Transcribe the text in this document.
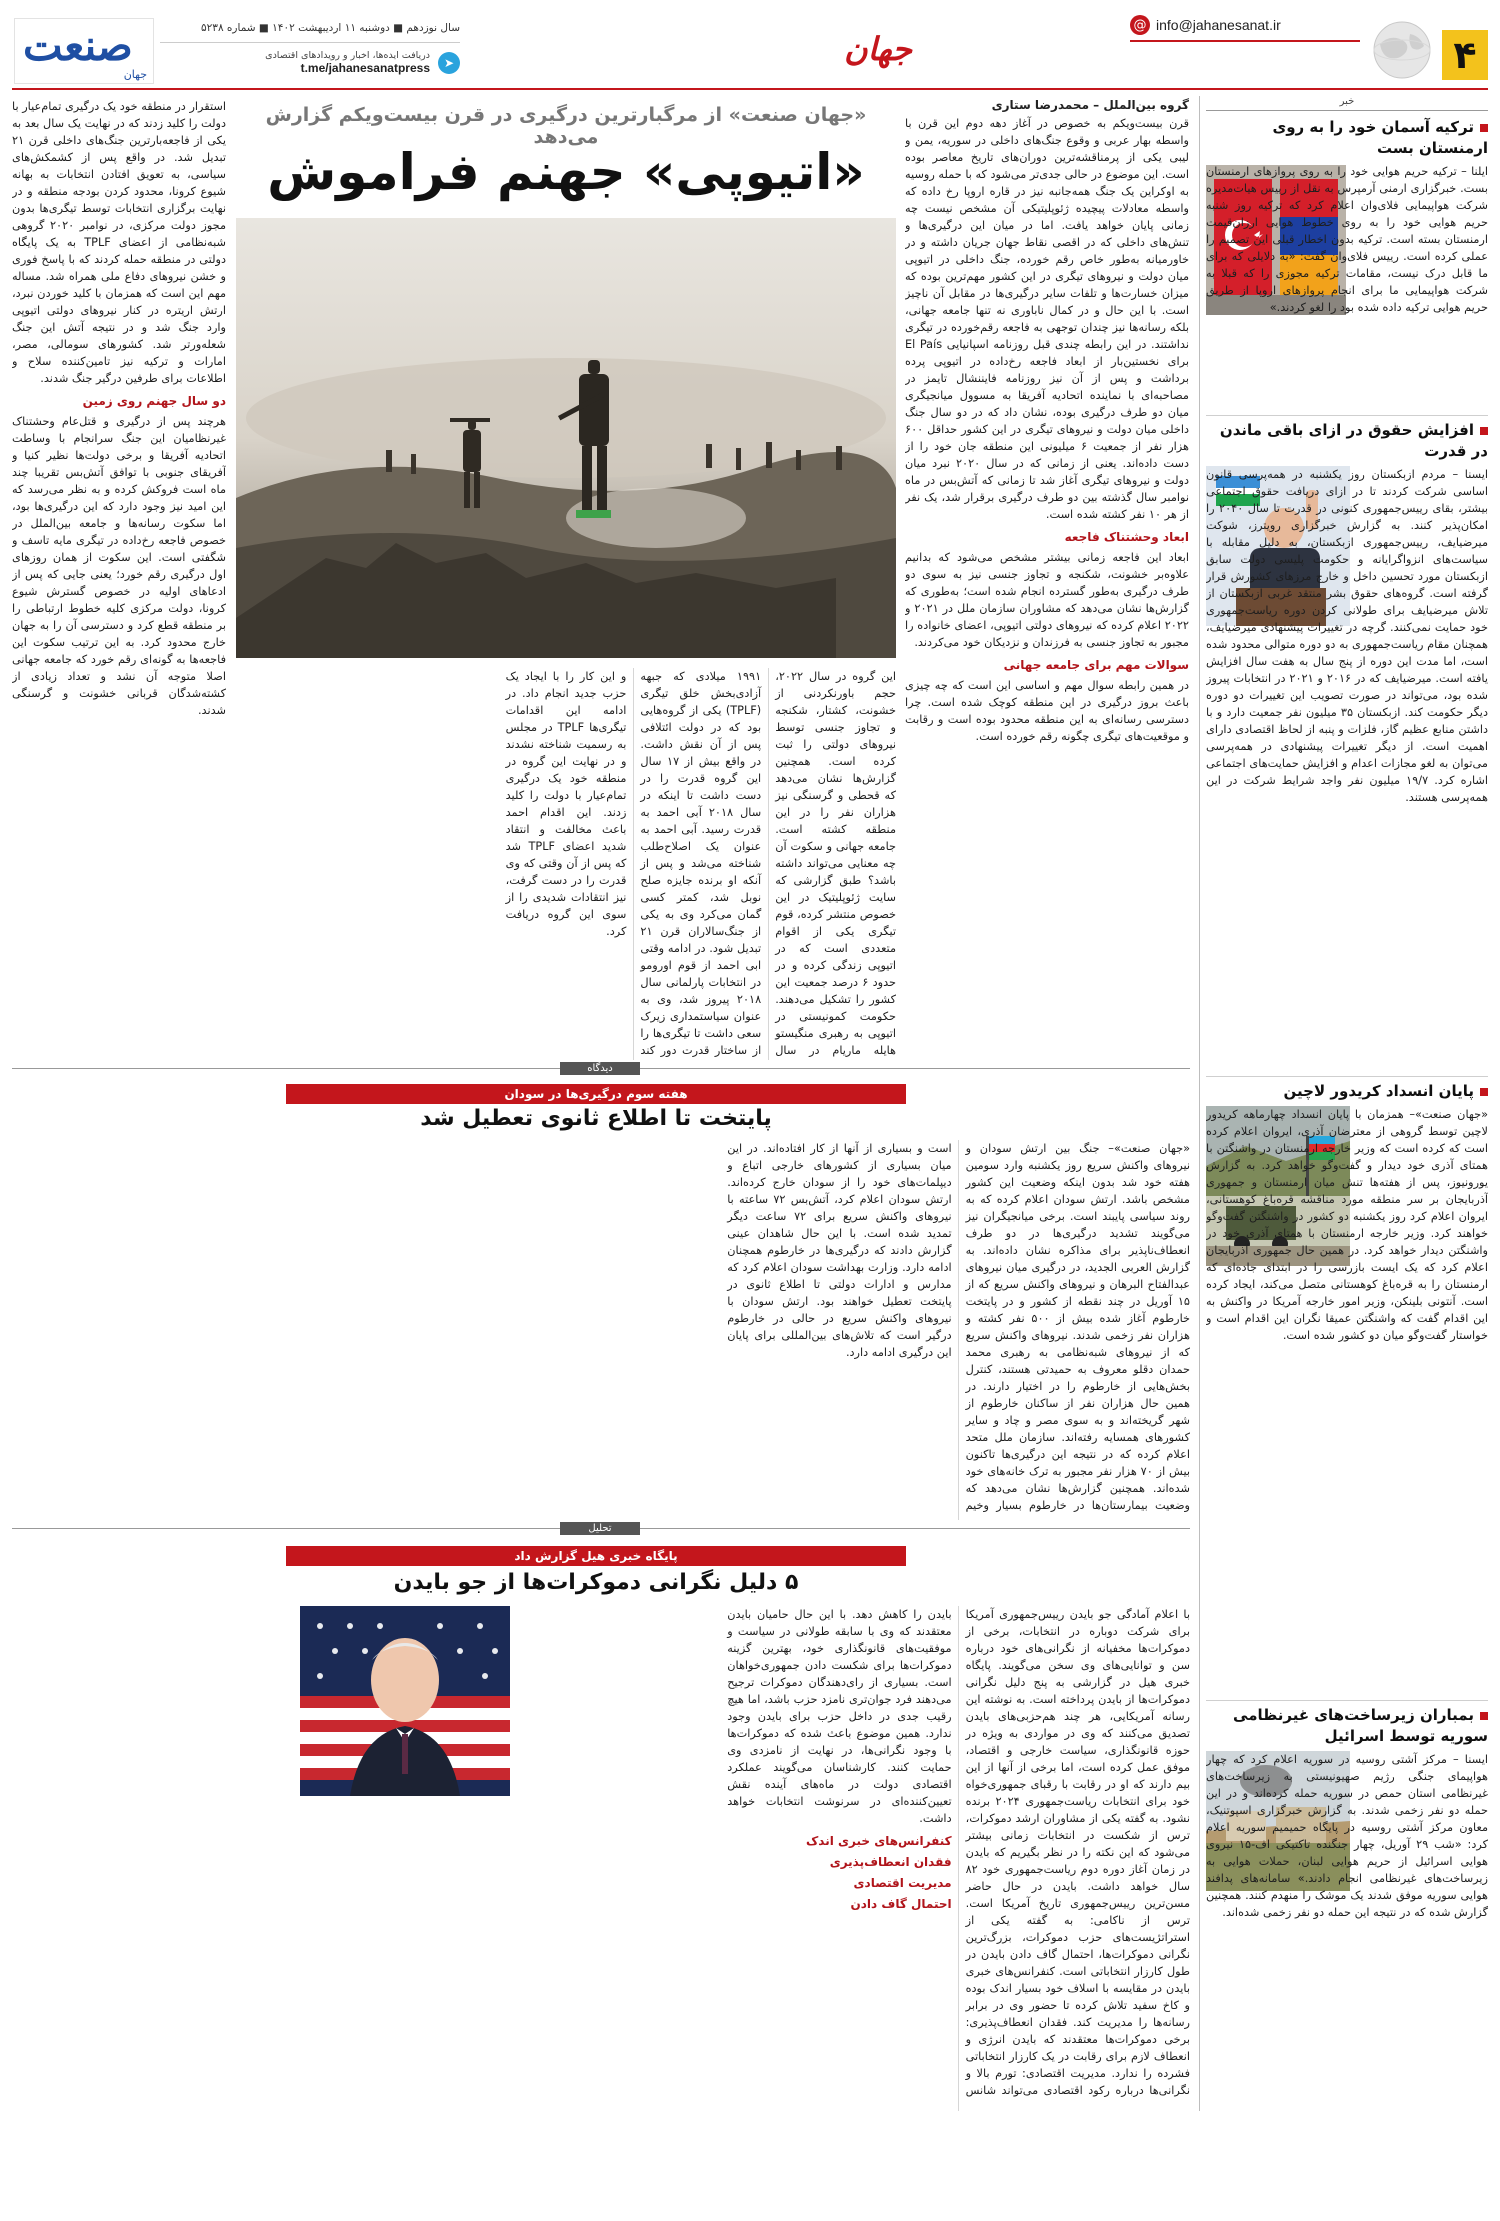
۴
info@jahanesanat.ir
@
جهان
سال نوزدهم ■ دوشنبه ۱۱ اردیبهشت ۱۴۰۲ ■ شماره ۵۲۳۸
➤
دریافت ایده‌ها، اخبار و رویدادهای اقتصادی
t.me/jahanesanatpress
صنعت
جهان
خبر
ترکیه آسمان خود را به روی ارمنستان بست
ایلنا – ترکیه حریم هوایی خود را به روی پروازهای ارمنستان بست. خبرگزاری ارمنی آرمپرس به نقل از رییس هیات‌مدیره شرکت هواپیمایی فلای‌وان اعلام کرد که ترکیه روز شنبه حریم هوایی خود را به روی خطوط هوایی ارزان‌قیمت ارمنستان بسته است. ترکیه بدون اخطار قبلی این تصمیم را عملی کرده است. رییس فلای‌وان گفت: «به دلایلی که برای ما قابل درک نیست، مقامات ترکیه مجوزی را که قبلا به شرکت هواپیمایی ما برای انجام پروازهای اروپا از طریق حریم هوایی ترکیه داده شده بود را لغو کردند.»
افزایش حقوق در ازای باقی ماندن در قدرت
ایسنا – مردم ازبکستان روز یکشنبه در همه‌پرسی قانون اساسی شرکت کردند تا در ازای دریافت حقوق اجتماعی بیشتر، بقای رییس‌جمهوری کنونی در قدرت تا سال ۲۰۴۰ را امکان‌پذیر کنند. به گزارش خبرگزاری رویترز، شوکت میرضیایف، رییس‌جمهوری ازبکستان، به دلیل مقابله با سیاست‌های انزواگرایانه و حکومت پلیسی دولت سابق ازبکستان مورد تحسین داخل و خارج مرزهای کشورش قرار گرفته است. گروه‌های حقوق بشر منتقد غربی ازبکستان از تلاش میرضیایف برای طولانی کردن دوره ریاست‌جمهوری خود حمایت نمی‌کنند. گرچه در تغییرات پیشنهادی میرضیایف، همچنان مقام ریاست‌جمهوری به دو دوره متوالی محدود شده است، اما مدت این دوره از پنج سال به هفت سال افزایش یافته است. میرضیایف که در ۲۰۱۶ و ۲۰۲۱ در انتخابات پیروز شده بود، می‌تواند در صورت تصویب این تغییرات دو دوره دیگر حکومت کند. ازبکستان ۳۵ میلیون نفر جمعیت دارد و با داشتن منابع عظیم گاز، فلزات و پنبه از لحاظ اقتصادی دارای اهمیت است. از دیگر تغییرات پیشنهادی در همه‌پرسی می‌توان به لغو مجازات اعدام و افزایش حمایت‌های اجتماعی اشاره کرد. ۱۹/۷ میلیون نفر واجد شرایط شرکت در این همه‌پرسی هستند.
پایان انسداد کریدور لاچین
«جهان صنعت»– همزمان با پایان انسداد چهارماهه کریدور لاچین توسط گروهی از معترضان آذری، ایروان اعلام کرده است که کرده است که وزیر خارجه ارمنستان در واشنگتن با همتای آذری خود دیدار و گفت‌وگو خواهد کرد. به گزارش یورونیوز، پس از هفته‌ها تنش میان ارمنستان و جمهوری آذربایجان بر سر منطقه مورد مناقشه قره‌باغ کوهستانی، ایروان اعلام کرد روز یکشنبه دو کشور در واشنگتن گفت‌وگو خواهند کرد. وزیر خارجه ارمنستان با همتای آذری خود در واشنگتن دیدار خواهد کرد. در همین حال جمهوری آذربایجان اعلام کرد که یک ایست بازرسی را در ابتدای جاده‌ای که ارمنستان را به قره‌باغ کوهستانی متصل می‌کند، ایجاد کرده است. آنتونی بلینکن، وزیر امور خارجه آمریکا در واکنش به این اقدام گفت که واشنگتن عمیقا نگران این اقدام است و خواستار گفت‌وگو میان دو کشور شده است.
بمباران زیرساخت‌های غیرنظامی سوریه توسط اسرائیل
ایسنا – مرکز آشتی روسیه در سوریه اعلام کرد که چهار هواپیمای جنگی رژیم صهیونیستی به زیرساخت‌های غیرنظامی استان حمص در سوریه حمله کرده‌اند و در این حمله دو نفر زخمی شدند. به گزارش خبرگزاری اسپوتنیک، معاون مرکز آشتی روسیه در پایگاه حمیمیم سوریه اعلام کرد: «شب ۲۹ آوریل، چهار جنگنده تاکتیکی اف-۱۵ نیروی هوایی اسرائیل از حریم هوایی لبنان، حملات هوایی به زیرساخت‌های غیرنظامی انجام دادند.» سامانه‌های پدافند هوایی سوریه موفق شدند یک موشک را منهدم کنند. همچنین گزارش شده که در نتیجه این حمله دو نفر زخمی شده‌اند.
گروه بین‌الملل – محمدرضا ستاری

قرن بیست‌ویکم به خصوص در آغاز دهه دوم این قرن با واسطه بهار عربی و وقوع جنگ‌های داخلی در سوریه، یمن و لیبی یکی از پرمناقشه‌ترین دوران‌های تاریخ معاصر بوده است. این موضوع در حالی جدی‌تر می‌شود که با حمله روسیه به اوکراین یک جنگ همه‌جانبه نیز در قاره اروپا رخ داده که واسطه معادلات پیچیده ژئوپلیتیکی آن مشخص نیست چه زمانی پایان خواهد یافت. اما در میان این درگیری‌ها و تنش‌های داخلی که در اقصی نقاط جهان جریان داشته و در خاورمیانه به‌طور خاص رقم خورده، جنگ داخلی در اتیوپی میان دولت و نیروهای تیگری در این کشور مهم‌ترین بوده که میزان خسارت‌ها و تلفات سایر درگیری‌ها در مقابل آن ناچیز است. با این حال و در کمال ناباوری نه تنها جامعه جهانی، بلکه رسانه‌ها نیز چندان توجهی به فاجعه رقم‌خورده در تیگری نداشتند. در این رابطه چندی قبل روزنامه اسپانیایی El País برای نخستین‌بار از ابعاد فاجعه رخ‌داده در اتیوپی پرده برداشت و پس از آن نیز روزنامه فایننشال تایمز در مصاحبه‌ای با نماینده اتحادیه آفریقا به مسوول میانجیگری میان دو طرف درگیری بوده، نشان داد که در دو سال جنگ داخلی میان دولت و نیروهای تیگری در این کشور حداقل ۶۰۰ هزار نفر از جمعیت ۶ میلیونی این منطقه جان خود را از دست داده‌اند. یعنی از زمانی که در سال ۲۰۲۰ نبرد میان دولت و نیروهای تیگری آغاز شد تا زمانی که آتش‌بس در ماه نوامبر سال گذشته بین دو طرف درگیری برقرار شد، یک نفر از هر ۱۰ نفر کشته شده است.

ابعاد وحشتناک فاجعه

ابعاد این فاجعه زمانی بیشتر مشخص می‌شود که بدانیم علاوه‌بر خشونت، شکنجه و تجاوز جنسی نیز به سوی دو طرف درگیری به‌طور گسترده انجام شده است؛ به‌طوری که گزارش‌ها نشان می‌دهد که مشاوران سازمان ملل در ۲۰۲۱ و ۲۰۲۲ اعلام کرده که نیروهای دولتی اتیوپی، اعضای خانواده را مجبور به تجاوز جنسی به فرزندان و نزدیکان خود می‌کردند.

سوالات مهم برای جامعه جهانی

در همین رابطه سوال مهم و اساسی این است که چه چیزی باعث بروز درگیری در این منطقه کوچک شده است. چرا دسترسی رسانه‌ای به این منطقه محدود بوده است و رقابت و موقعیت‌های تیگری چگونه رقم خورده است.

استقرار در منطقه خود یک درگیری تمام‌عیار با دولت را کلید زدند که در نهایت یک سال بعد به یکی از فاجعه‌بارترین جنگ‌های داخلی قرن ۲۱ تبدیل شد. در واقع پس از کشمکش‌های سیاسی، به تعویق افتادن انتخابات به بهانه شیوع کرونا، محدود کردن بودجه منطقه و در نهایت برگزاری انتخابات توسط تیگری‌ها بدون مجوز دولت مرکزی، در نوامبر ۲۰۲۰ گروهی شبه‌نظامی از اعضای TPLF به یک پایگاه دولتی در منطقه حمله کردند که با پاسخ فوری و خشن نیروهای دفاع ملی همراه شد. مساله مهم این است که همزمان با کلید خوردن نبرد، ارتش اریتره در کنار نیروهای دولتی اتیوپی وارد جنگ شد و در نتیجه آتش این جنگ شعله‌ورتر شد. کشورهای سومالی، مصر، امارات و ترکیه نیز تامین‌کننده سلاح و اطلاعات برای طرفین درگیر جنگ شدند.

دو سال جهنم روی زمین

هرچند پس از درگیری و قتل‌عام وحشتناک غیرنظامیان این جنگ سرانجام با وساطت اتحادیه آفریقا و برخی دولت‌ها نظیر کنیا و آفریقای جنوبی با توافق آتش‌بس تقریبا چند ماه است فروکش کرده و به نظر می‌رسد که این امید نیز وجود دارد که این درگیری‌ها بود، اما سکوت رسانه‌ها و جامعه بین‌الملل در خصوص فاجعه رخ‌داده در تیگری مایه تاسف و شگفتی است. این سکوت از همان روزهای اول درگیری رقم خورد؛ یعنی جایی که پس از ادعاهای اولیه در خصوص گسترش شیوع کرونا، دولت مرکزی کلیه خطوط ارتباطی را بر منطقه قطع کرد و دسترسی آن را به جهان خارج محدود کرد. به این ترتیب سکوت این فاجعه‌ها به گونه‌ای رقم خورد که جامعه جهانی اصلا متوجه آن نشد و تعداد زیادی از کشته‌شدگان قربانی خشونت و گرسنگی شدند.

«جهان صنعت» از مرگبارترین درگیری در قرن بیست‌ویکم گزارش می‌دهد
«اتیوپی» جهنم فراموش

این گروه در سال ۲۰۲۲، حجم باورنکردنی از خشونت، کشتار، شکنجه و تجاوز جنسی توسط نیروهای دولتی را ثبت کرده است. همچنین گزارش‌ها نشان می‌دهد که قحطی و گرسنگی نیز هزاران نفر را در این منطقه کشته است. جامعه جهانی و سکوت آن چه معنایی می‌تواند داشته باشد؟ طبق گزارشی که سایت ژئوپلیتیک در این خصوص منتشر کرده، قوم تیگری یکی از اقوام متعددی است که در اتیوپی زندگی کرده و در حدود ۶ درصد جمعیت این کشور را تشکیل می‌دهند. حکومت کمونیستی در اتیوپی به رهبری منگیستو هایله ماریام در سال ۱۹۹۱ میلادی که جبهه آزادی‌بخش خلق تیگری (TPLF) یکی از گروه‌هایی بود که در دولت ائتلافی پس از آن نقش داشت. در واقع بیش از ۱۷ سال این گروه قدرت را در دست داشت تا اینکه در سال ۲۰۱۸ آبی احمد به قدرت رسید. آبی احمد به عنوان یک اصلاح‌طلب شناخته می‌شد و پس از آنکه او برنده جایزه صلح نوبل شد، کمتر کسی گمان می‌کرد وی به یکی از جنگ‌سالاران قرن ۲۱ تبدیل شود. در ادامه وقتی ابی احمد از قوم اورومو در انتخابات پارلمانی سال ۲۰۱۸ پیروز شد، وی به عنوان سیاستمداری زیرک سعی داشت تا تیگری‌ها را از ساختار قدرت دور کند و این کار را با ایجاد یک حزب جدید انجام داد. در ادامه این اقدامات تیگری‌ها TPLF در مجلس به رسمیت شناخته نشدند و در نهایت این گروه در منطقه خود یک درگیری تمام‌عیار با دولت را کلید زدند. این اقدام احمد باعث مخالفت و انتقاد شدید اعضای TPLF شد که پس از آن وقتی که وی قدرت را در دست گرفت، نیز انتقادات شدیدی را از سوی این گروه دریافت کرد.

دیدگاه
هفته سوم درگیری‌ها در سودان
پایتخت تا اطلاع ثانوی تعطیل شد

«جهان صنعت»– جنگ بین ارتش سودان و نیروهای واکنش سریع روز یکشنبه وارد سومین هفته خود شد بدون اینکه وضعیت این کشور مشخص باشد. ارتش سودان اعلام کرده که به روند سیاسی پایبند است. برخی میانجیگران نیز می‌گویند تشدید درگیری‌ها در دو طرف انعطاف‌ناپذیر برای مذاکره نشان داده‌اند. به گزارش العربی الجدید، در درگیری میان نیروهای عبدالفتاح البرهان و نیروهای واکنش سریع که از ۱۵ آوریل در چند نقطه از کشور و در پایتخت خارطوم آغاز شده بیش از ۵۰۰ نفر کشته و هزاران نفر زخمی شدند. نیروهای واکنش سریع که از نیروهای شبه‌نظامی به رهبری محمد حمدان دقلو معروف به حمیدتی هستند، کنترل بخش‌هایی از خارطوم را در اختیار دارند. در همین حال هزاران نفر از ساکنان خارطوم از شهر گریخته‌اند و به سوی مصر و چاد و سایر کشورهای همسایه رفته‌اند. سازمان ملل متحد اعلام کرده که در نتیجه این درگیری‌ها تاکنون بیش از ۷۰ هزار نفر مجبور به ترک خانه‌های خود شده‌اند. همچنین گزارش‌ها نشان می‌دهد که وضعیت بیمارستان‌ها در خارطوم بسیار وخیم است و بسیاری از آنها از کار افتاده‌اند. در این میان بسیاری از کشورهای خارجی اتباع و دیپلمات‌های خود را از سودان خارج کرده‌اند. ارتش سودان اعلام کرد، آتش‌بس ۷۲ ساعته با نیروهای واکنش سریع برای ۷۲ ساعت دیگر تمدید شده است. با این حال شاهدان عینی گزارش دادند که درگیری‌ها در خارطوم همچنان ادامه دارد. وزارت بهداشت سودان اعلام کرد که مدارس و ادارات دولتی تا اطلاع ثانوی در پایتخت تعطیل خواهند بود. ارتش سودان با نیروهای واکنش سریع در حالی در خارطوم درگیر است که تلاش‌های بین‌المللی برای پایان این درگیری ادامه دارد.

تحلیل
پایگاه خبری هیل گزارش داد
۵ دلیل نگرانی دموکرات‌ها از جو بایدن

با اعلام آمادگی جو بایدن رییس‌جمهوری آمریکا برای شرکت دوباره در انتخابات، برخی از دموکرات‌ها مخفیانه از نگرانی‌های خود درباره سن و توانایی‌های وی سخن می‌گویند. پایگاه خبری هیل در گزارشی به پنج دلیل نگرانی دموکرات‌ها از بایدن پرداخته است. به نوشته این رسانه آمریکایی، هر چند هم‌حزبی‌های بایدن تصدیق می‌کنند که وی در مواردی به ویژه در حوزه قانونگذاری، سیاست خارجی و اقتصاد، موفق عمل کرده است، اما برخی از آنها از این بیم دارند که او در رقابت با رقبای جمهوری‌خواه خود برای انتخابات ریاست‌جمهوری ۲۰۲۴ برنده نشود. به گفته یکی از مشاوران ارشد دموکرات، ترس از شکست در انتخابات زمانی بیشتر می‌شود که این نکته را در نظر بگیریم که بایدن در زمان آغاز دوره دوم ریاست‌جمهوری خود ۸۲ سال خواهد داشت. بایدن در حال حاضر مسن‌ترین رییس‌جمهوری تاریخ آمریکا است. ترس از ناکامی: به گفته یکی از استراتژیست‌های حزب دموکرات، بزرگ‌ترین نگرانی دموکرات‌ها، احتمال گاف دادن بایدن در طول کارزار انتخاباتی است. کنفرانس‌های خبری بایدن در مقایسه با اسلاف خود بسیار اندک بوده و کاخ سفید تلاش کرده تا حضور وی در برابر رسانه‌ها را مدیریت کند. فقدان انعطاف‌پذیری: برخی دموکرات‌ها معتقدند که بایدن انرژی و انعطاف لازم برای رقابت در یک کارزار انتخاباتی فشرده را ندارد. مدیریت اقتصادی: تورم بالا و نگرانی‌ها درباره رکود اقتصادی می‌تواند شانس بایدن را کاهش دهد. با این حال حامیان بایدن معتقدند که وی با سابقه طولانی در سیاست و موفقیت‌های قانونگذاری خود، بهترین گزینه دموکرات‌ها برای شکست دادن جمهوری‌خواهان است. بسیاری از رای‌دهندگان دموکرات ترجیح می‌دهند فرد جوان‌تری نامزد حزب باشد، اما هیچ رقیب جدی در داخل حزب برای بایدن وجود ندارد. همین موضوع باعث شده که دموکرات‌ها با وجود نگرانی‌ها، در نهایت از نامزدی وی حمایت کنند. کارشناسان می‌گویند عملکرد اقتصادی دولت در ماه‌های آینده نقش تعیین‌کننده‌ای در سرنوشت انتخابات خواهد داشت.

کنفرانس‌های خبری اندک
فقدان انعطاف‌پذیری
مدیریت اقتصادی
احتمال گاف دادن
